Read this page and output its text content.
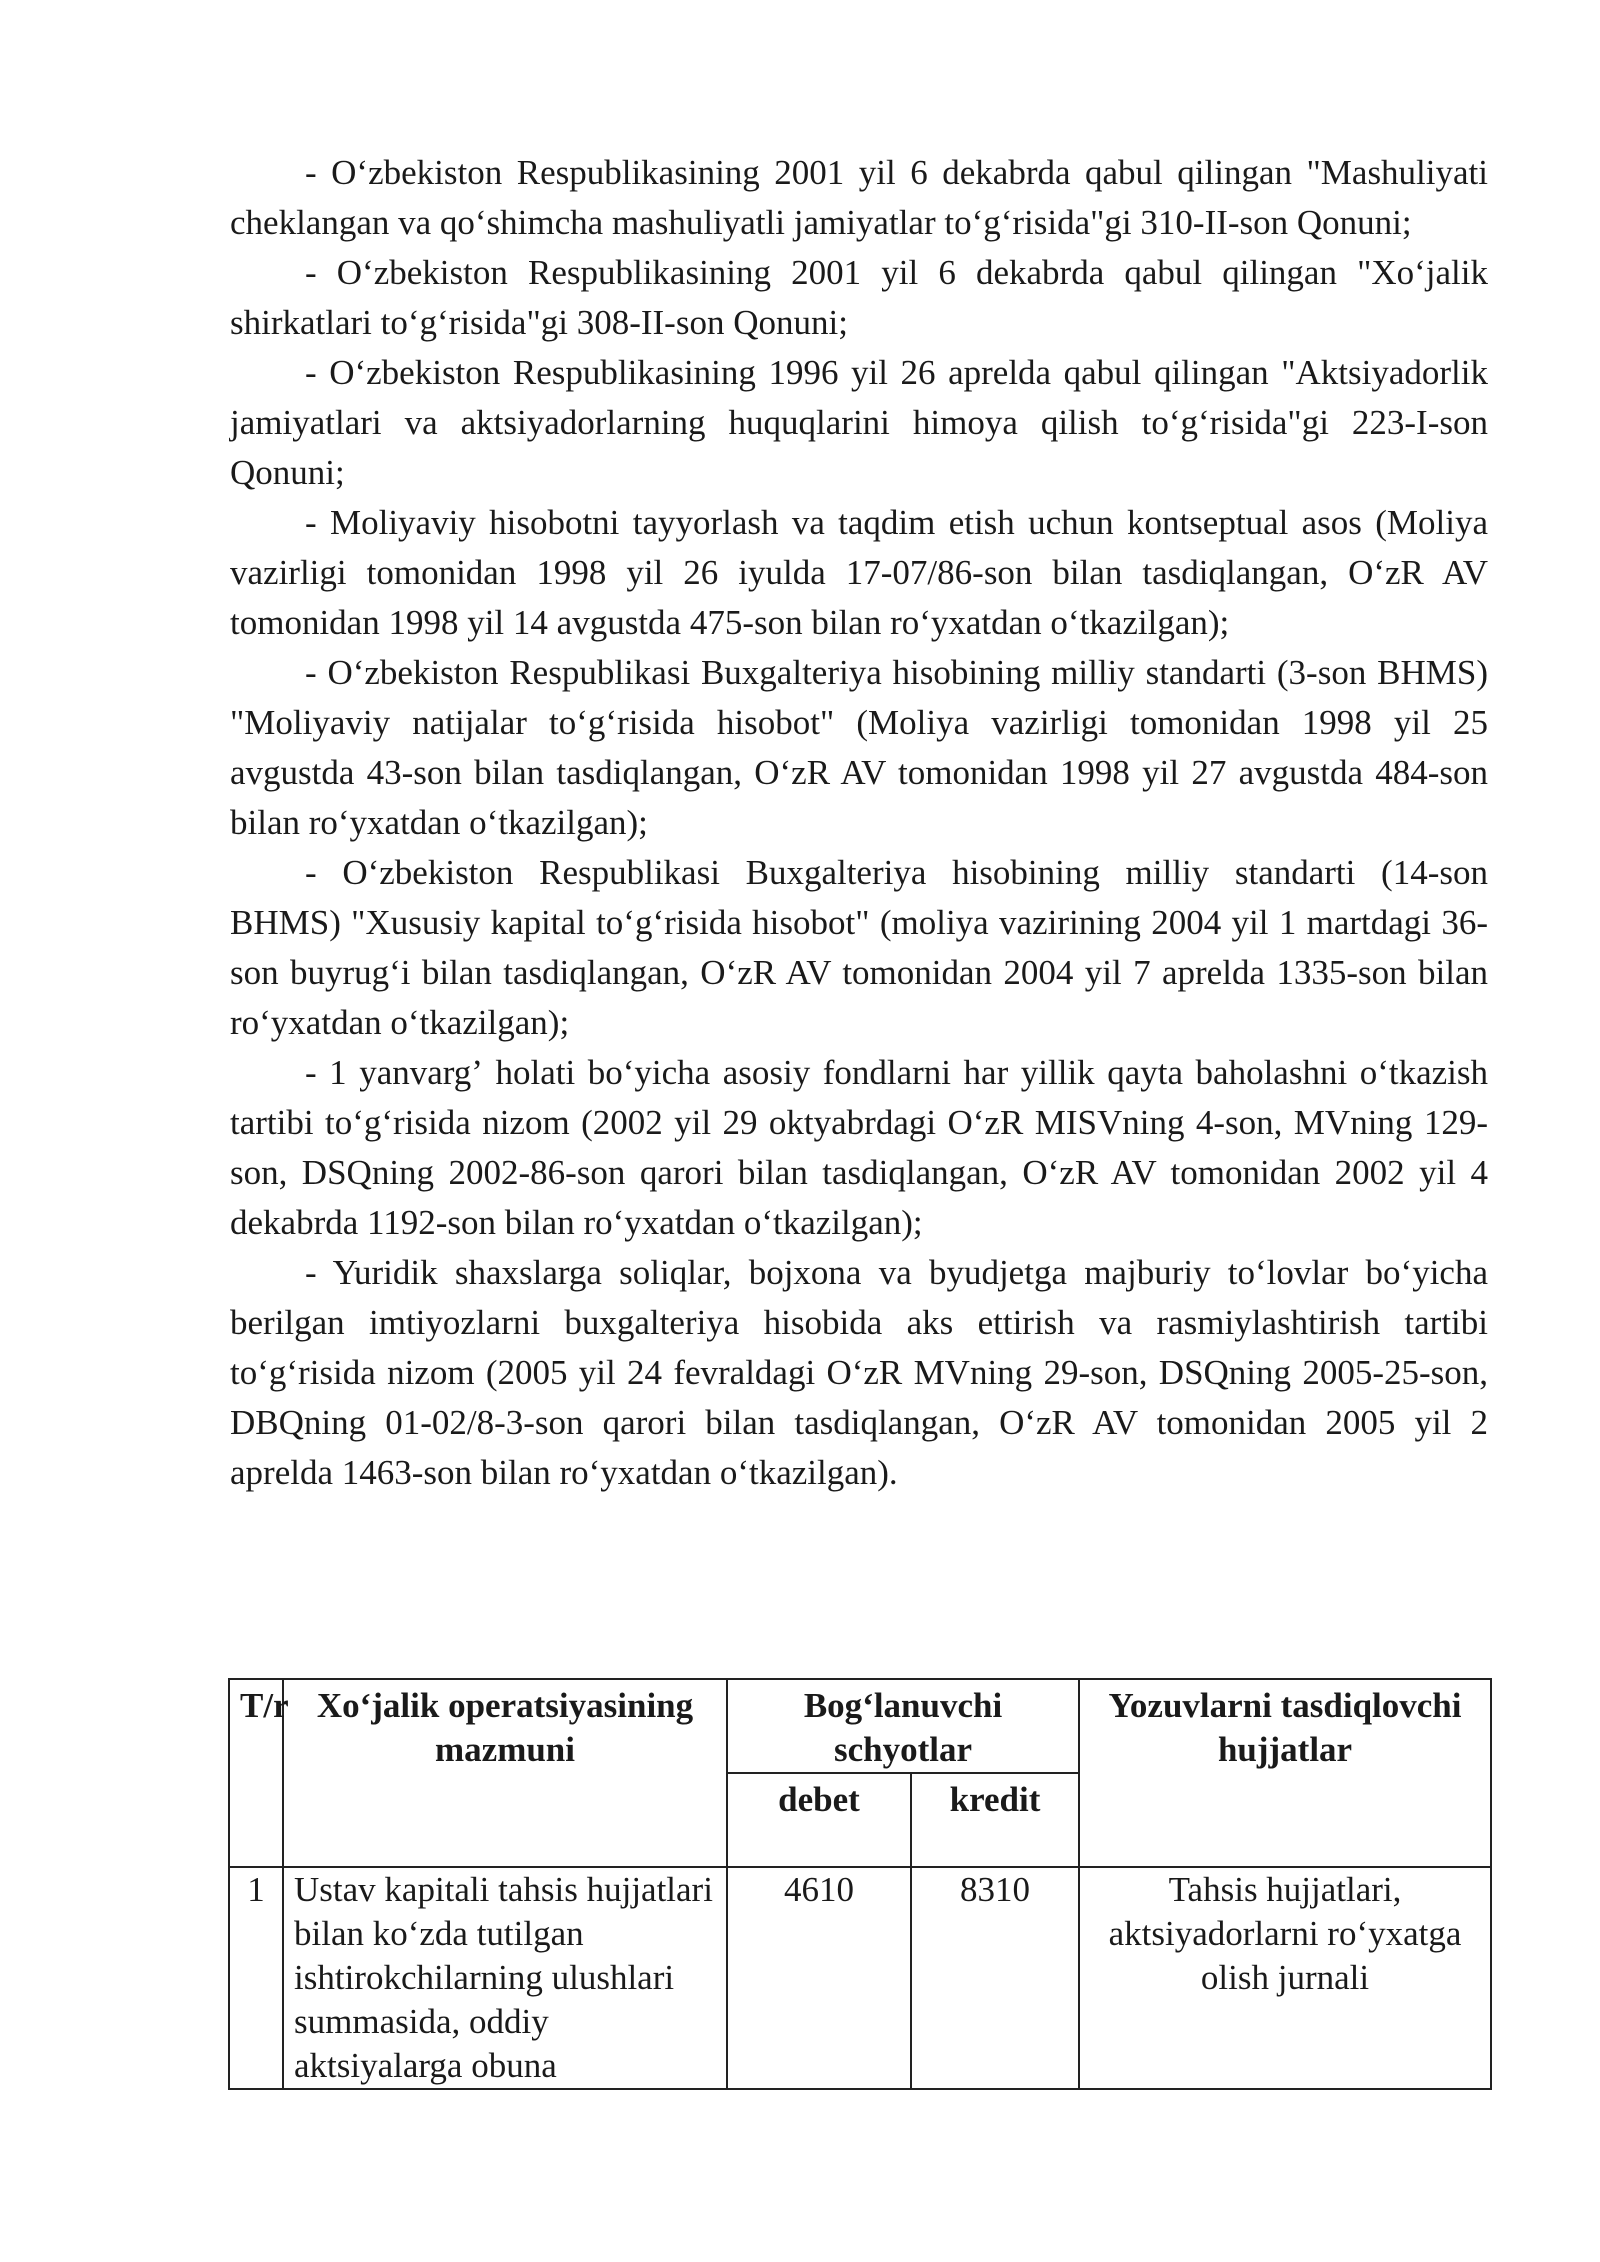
- Oʻzbekiston Respublikasining 2001 yil 6 dekabrda qabul qilingan "Mashuliyati cheklangan va qoʻshimcha mashuliyatli jamiyatlar toʻgʻrisida"gi 310-II-son Qonuni;

- Oʻzbekiston Respublikasining 2001 yil 6 dekabrda qabul qilingan "Xoʻjalik shirkatlari toʻgʻrisida"gi 308-II-son Qonuni;

- Oʻzbekiston Respublikasining 1996 yil 26 aprelda qabul qilingan "Aktsiyadorlik jamiyatlari va aktsiyadorlarning huquqlarini himoya qilish toʻgʻrisida"gi 223-I-son Qonuni;

- Moliyaviy hisobotni tayyorlash va taqdim etish uchun kontseptual asos (Moliya vazirligi tomonidan 1998 yil 26 iyulda 17-07/86-son bilan tasdiqlangan, OʻzR AV tomonidan 1998 yil 14 avgustda 475-son bilan roʻyxatdan oʻtkazilgan);

- Oʻzbekiston Respublikasi Buxgalteriya hisobining milliy standarti (3-son BHMS) "Moliyaviy natijalar toʻgʻrisida hisobot" (Moliya vazirligi tomonidan 1998 yil 25 avgustda 43-son bilan tasdiqlangan, OʻzR AV tomonidan 1998 yil 27 avgustda 484-son bilan roʻyxatdan oʻtkazilgan);

- Oʻzbekiston Respublikasi Buxgalteriya hisobining milliy standarti (14-son BHMS) "Xususiy kapital toʻgʻrisida hisobot" (moliya vazirining 2004 yil 1 martdagi 36-son buyrugʻi bilan tasdiqlangan, OʻzR AV tomonidan 2004 yil 7 aprelda 1335-son bilan roʻyxatdan oʻtkazilgan);

- 1 yanvargʼ holati boʻyicha asosiy fondlarni har yillik qayta baholashni oʻtkazish tartibi toʻgʻrisida nizom (2002 yil 29 oktyabrdagi OʻzR MISVning 4-son, MVning 129-son, DSQning 2002-86-son qarori bilan tasdiqlangan, OʻzR AV tomonidan 2002 yil 4 dekabrda 1192-son bilan roʻyxatdan oʻtkazilgan);

- Yuridik shaxslarga soliqlar, bojxona va byudjetga majburiy toʻlovlar boʻyicha berilgan imtiyozlarni buxgalteriya hisobida aks ettirish va rasmiylashtirish tartibi toʻgʻrisida nizom (2005 yil 24 fevraldagi OʻzR MVning 29-son, DSQning 2005-25-son, DBQning 01-02/8-3-son qarori bilan tasdiqlangan, OʻzR AV tomonidan 2005 yil 2 aprelda 1463-son bilan roʻyxatdan oʻtkazilgan).

T/r	Xoʻjalik operatsiyasining mazmuni	Bogʻlanuvchi schyotlar		Yozuvlarni tasdiqlovchi hujjatlar
		debet	kredit	
1	Ustav kapitali tahsis hujjatlari bilan koʻzda tutilgan ishtirokchilarning ulushlari summasida, oddiy aktsiyalarga obuna	4610	8310	Tahsis hujjatlari, aktsiyadorlarni roʻyxatga olish jurnali
